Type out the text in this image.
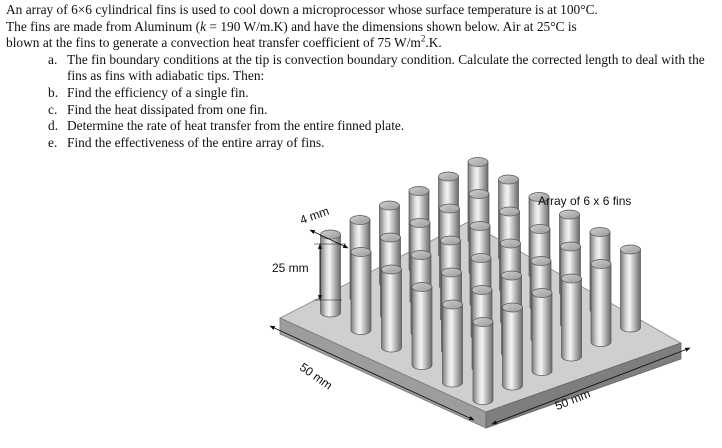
An array of 6×6 cylindrical fins is used to cool down a microprocessor whose surface temperature is at 100°C.
The fins are made from Aluminum (k = 190 W/m.K) and have the dimensions shown below. Air at 25°C is
blown at the fins to generate a convection heat transfer coefficient of 75 $W/m^2.K$.

a. The fin boundary conditions at the tip is convection boundary condition. Calculate the corrected length to deal with the fins as fins with adiabatic tips. Then:
b. Find the efficiency of a single fin.
c. Find the heat dissipated from one fin.
d. Determine the rate of heat transfer from the entire finned plate.
e. Find the effectiveness of the entire array of fins.
Array of 6 x 6 fins
4 mm
25 mm
50 mm
50 mm
